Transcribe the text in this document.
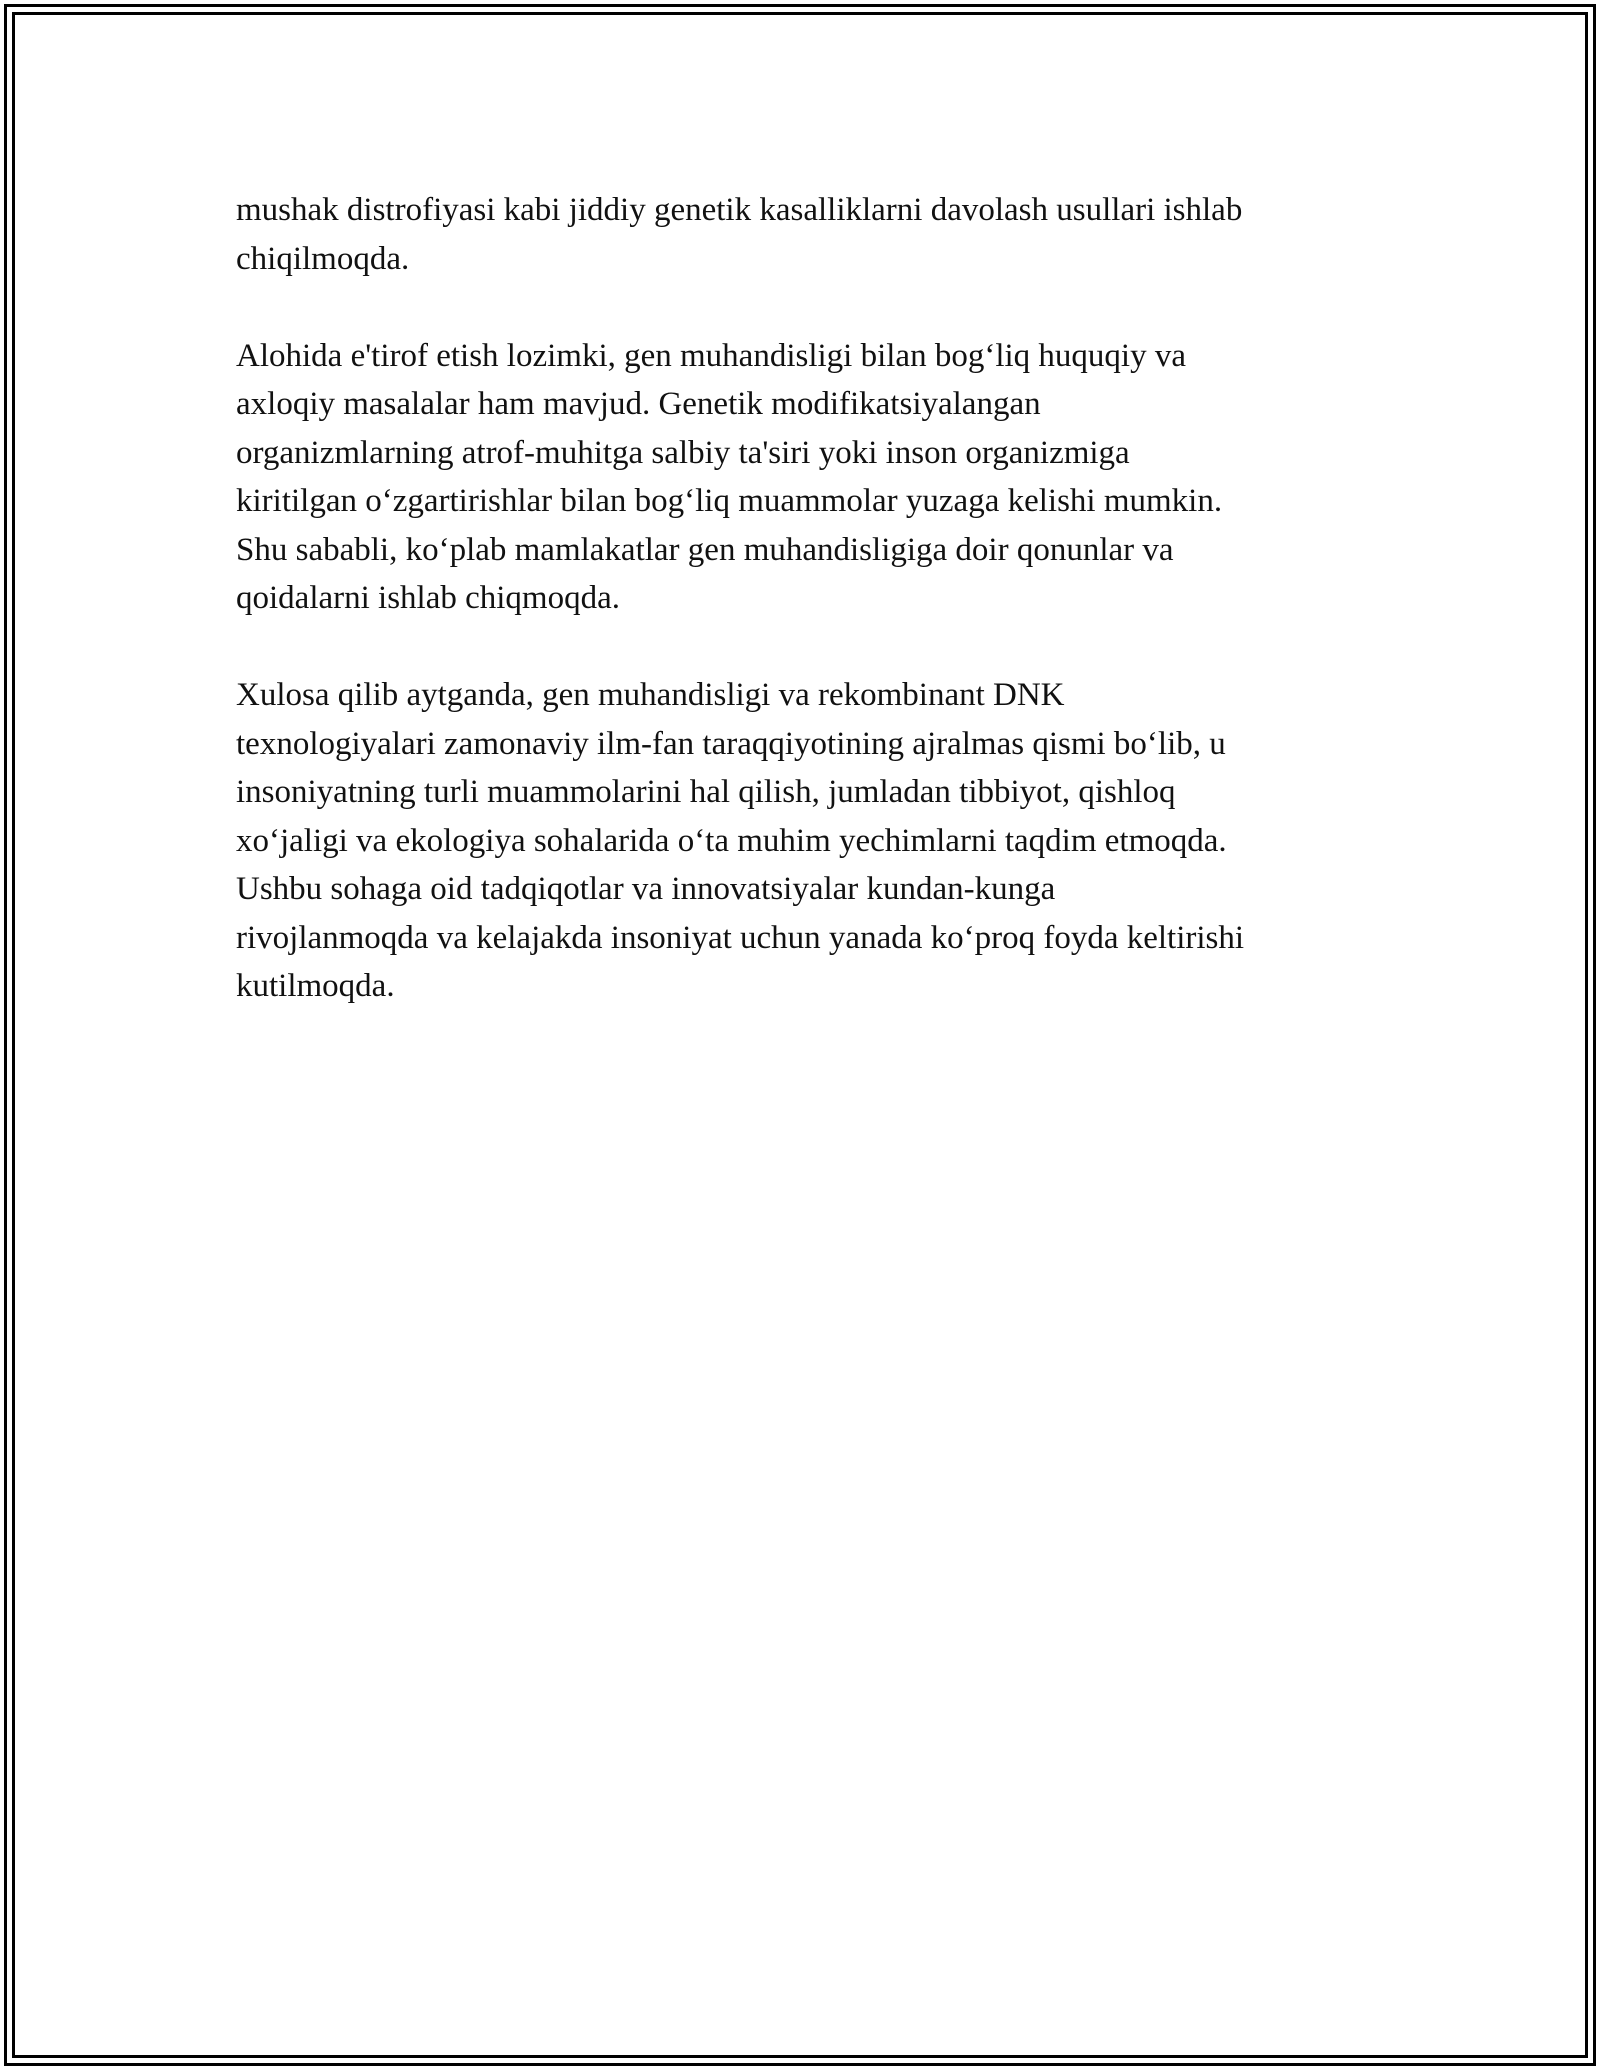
mushak distrofiyasi kabi jiddiy genetik kasalliklarni davolash usullari ishlab
chiqilmoqda.

Alohida e'tirof etish lozimki, gen muhandisligi bilan bog‘liq huquqiy va
axloqiy masalalar ham mavjud. Genetik modifikatsiyalangan
organizmlarning atrof-muhitga salbiy ta'siri yoki inson organizmiga
kiritilgan o‘zgartirishlar bilan bog‘liq muammolar yuzaga kelishi mumkin.
Shu sababli, ko‘plab mamlakatlar gen muhandisligiga doir qonunlar va
qoidalarni ishlab chiqmoqda.

Xulosa qilib aytganda, gen muhandisligi va rekombinant DNK
texnologiyalari zamonaviy ilm-fan taraqqiyotining ajralmas qismi bo‘lib, u
insoniyatning turli muammolarini hal qilish, jumladan tibbiyot, qishloq
xo‘jaligi va ekologiya sohalarida o‘ta muhim yechimlarni taqdim etmoqda.
Ushbu sohaga oid tadqiqotlar va innovatsiyalar kundan-kunga
rivojlanmoqda va kelajakda insoniyat uchun yanada ko‘proq foyda keltirishi
kutilmoqda.
